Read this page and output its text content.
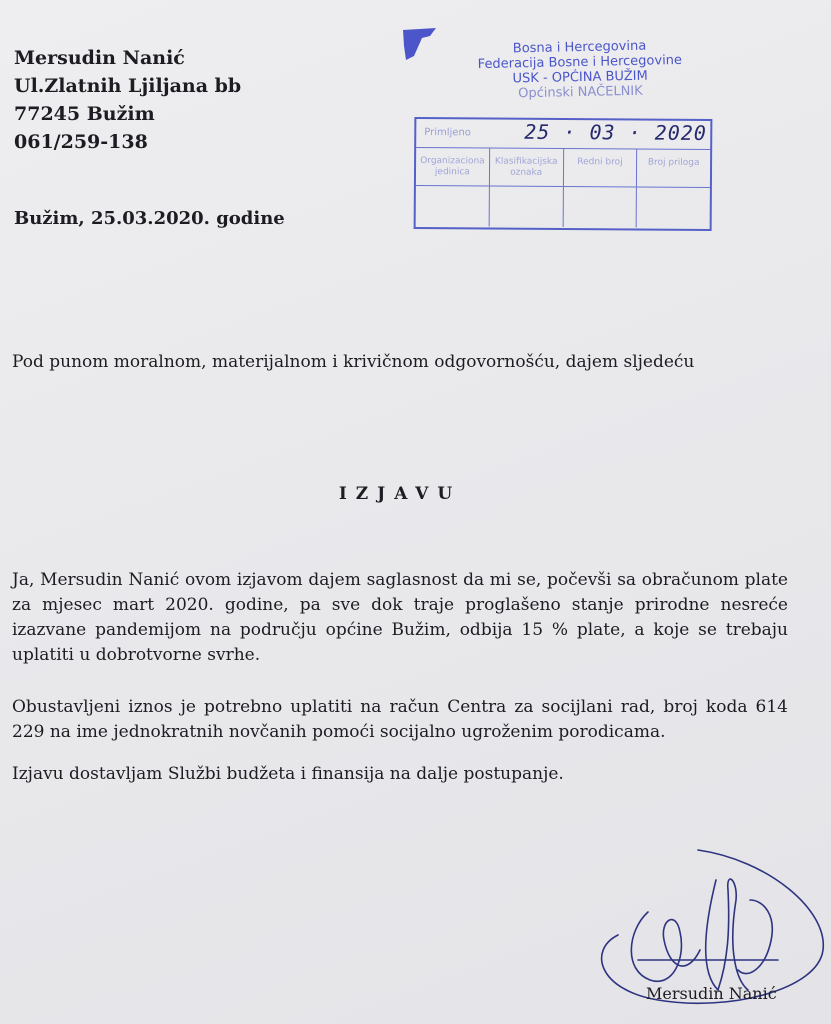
Mersudin Nanić
Ul.Zlatnih Ljiljana bb
77245 Bužim
061/259-138
Bosna i Hercegovina
Federacija Bosne i Hercegovine
USK - OPĆINA BUŽIM
Općinski NAČELNIK
Primljeno	25 · 03 · 2020
Organizaciona jedinica
Klasifikacijska oznaka
Redni broj	Broj priloga
Bužim, 25.03.2020. godine
Pod punom moralnom, materijalnom i krivičnom odgovornošću, dajem sljedeću
IZJAVU
Ja, Mersudin Nanić ovom izjavom dajem saglasnost da mi se, počevši sa obračunom plate za mjesec mart 2020. godine, pa sve dok traje proglašeno stanje prirodne nesreće izazvane pandemijom na području općine Bužim, odbija 15 % plate, a koje se trebaju uplatiti u dobrotvorne svrhe.
Obustavljeni iznos je potrebno uplatiti na račun Centra za socijlani rad, broj koda 614 229 na ime jednokratnih novčanih pomoći socijalno ugroženim porodicama.
Izjavu dostavljam Službi budžeta i finansija na dalje postupanje.
Mersudin Nanić
